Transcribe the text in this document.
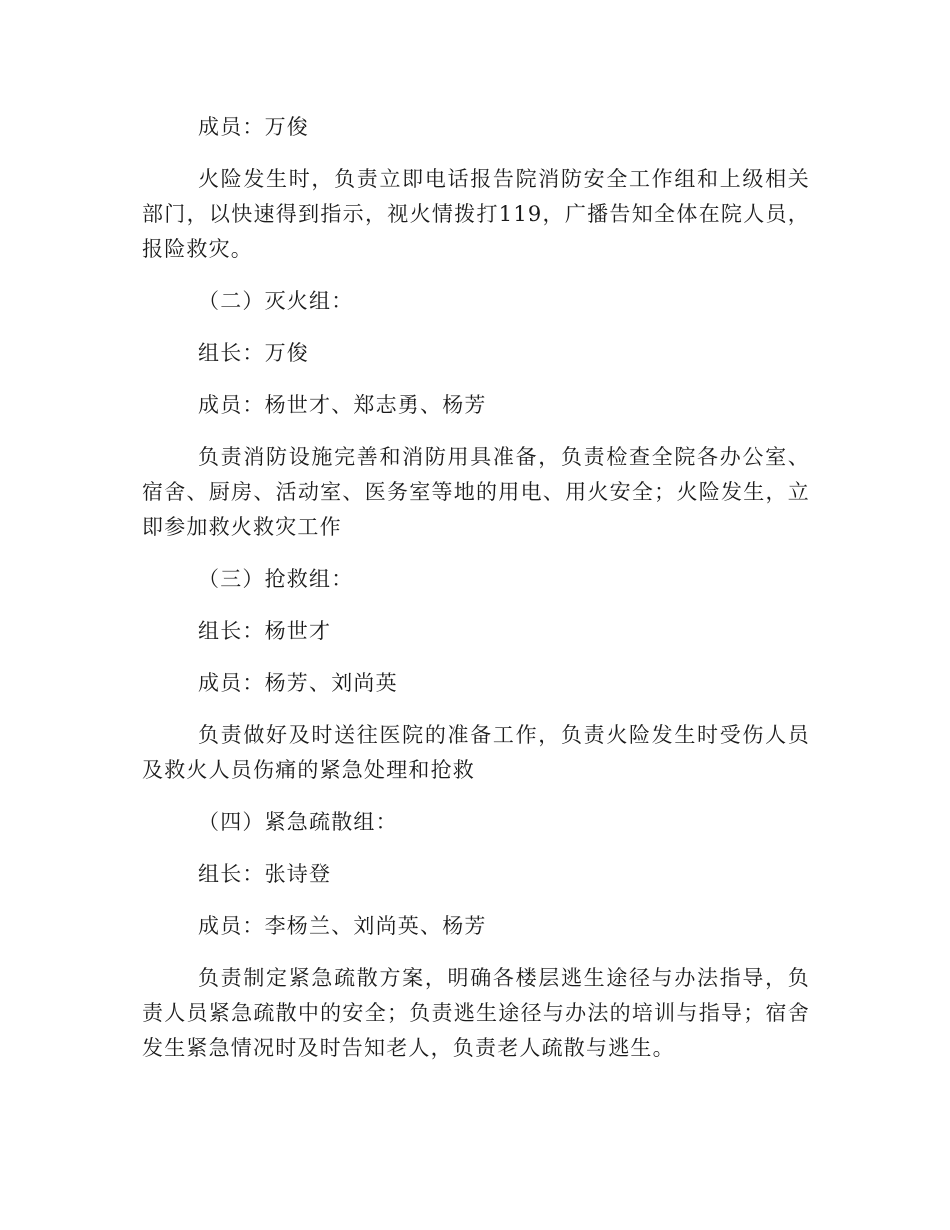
成员：万俊

火险发生时，负责立即电话报告院消防安全工作组和上级相关部门，以快速得到指示，视火情拨打119，广播告知全体在院人员，报险救灾。

（二）灭火组：

组长：万俊

成员：杨世才、郑志勇、杨芳

负责消防设施完善和消防用具准备，负责检查全院各办公室、宿舍、厨房、活动室、医务室等地的用电、用火安全；火险发生，立即参加救火救灾工作

（三）抢救组：

组长：杨世才

成员：杨芳、刘尚英

负责做好及时送往医院的准备工作，负责火险发生时受伤人员及救火人员伤痛的紧急处理和抢救

（四）紧急疏散组：

组长：张诗登

成员：李杨兰、刘尚英、杨芳

负责制定紧急疏散方案，明确各楼层逃生途径与办法指导，负责人员紧急疏散中的安全；负责逃生途径与办法的培训与指导；宿舍发生紧急情况时及时告知老人，负责老人疏散与逃生。
